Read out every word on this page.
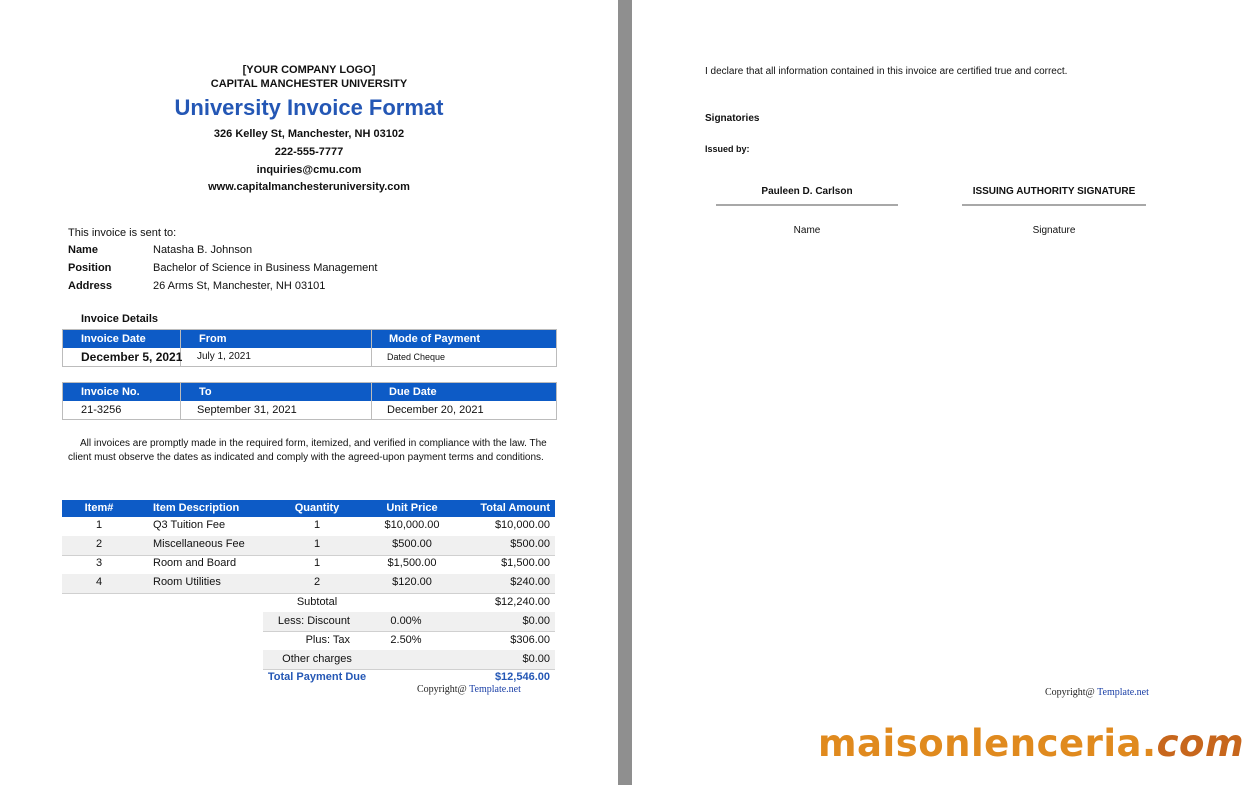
[YOUR COMPANY LOGO]
CAPITAL MANCHESTER UNIVERSITY
University Invoice Format
326 Kelley St, Manchester, NH 03102
222-555-7777
inquiries@cmu.com
www.capitalmanchesteruniversity.com
This invoice is sent to:
Name	Natasha B. Johnson
Position	Bachelor of Science in Business Management
Address	26 Arms St, Manchester, NH 03101
Invoice Details
Invoice Date	From	Mode of Payment
December 5, 2021	July 1, 2021	Dated Cheque
Invoice No.	To	Due Date
21-3256	September 31, 2021	December 20, 2021
All invoices are promptly made in the required form, itemized, and verified in compliance with the law. The client must observe the dates as indicated and comply with the agreed-upon payment terms and conditions.
Item#	Item Description	Quantity	Unit Price	Total Amount
1	Q3 Tuition Fee	1	$10,000.00	$10,000.00
2	Miscellaneous Fee	1	$500.00	$500.00
3	Room and Board	1	$1,500.00	$1,500.00
4	Room Utilities	2	$120.00	$240.00
Subtotal	$12,240.00
Less: Discount	0.00%	$0.00
Plus: Tax	2.50%	$306.00
Other charges	$0.00
Total Payment Due	$12,546.00
Copyright@ Template.net
I declare that all information contained in this invoice are certified true and correct.
Signatories
Issued by:
Pauleen D. Carlson
Name
ISSUING AUTHORITY SIGNATURE
Signature
Copyright@ Template.net
maisonlenceria.com
